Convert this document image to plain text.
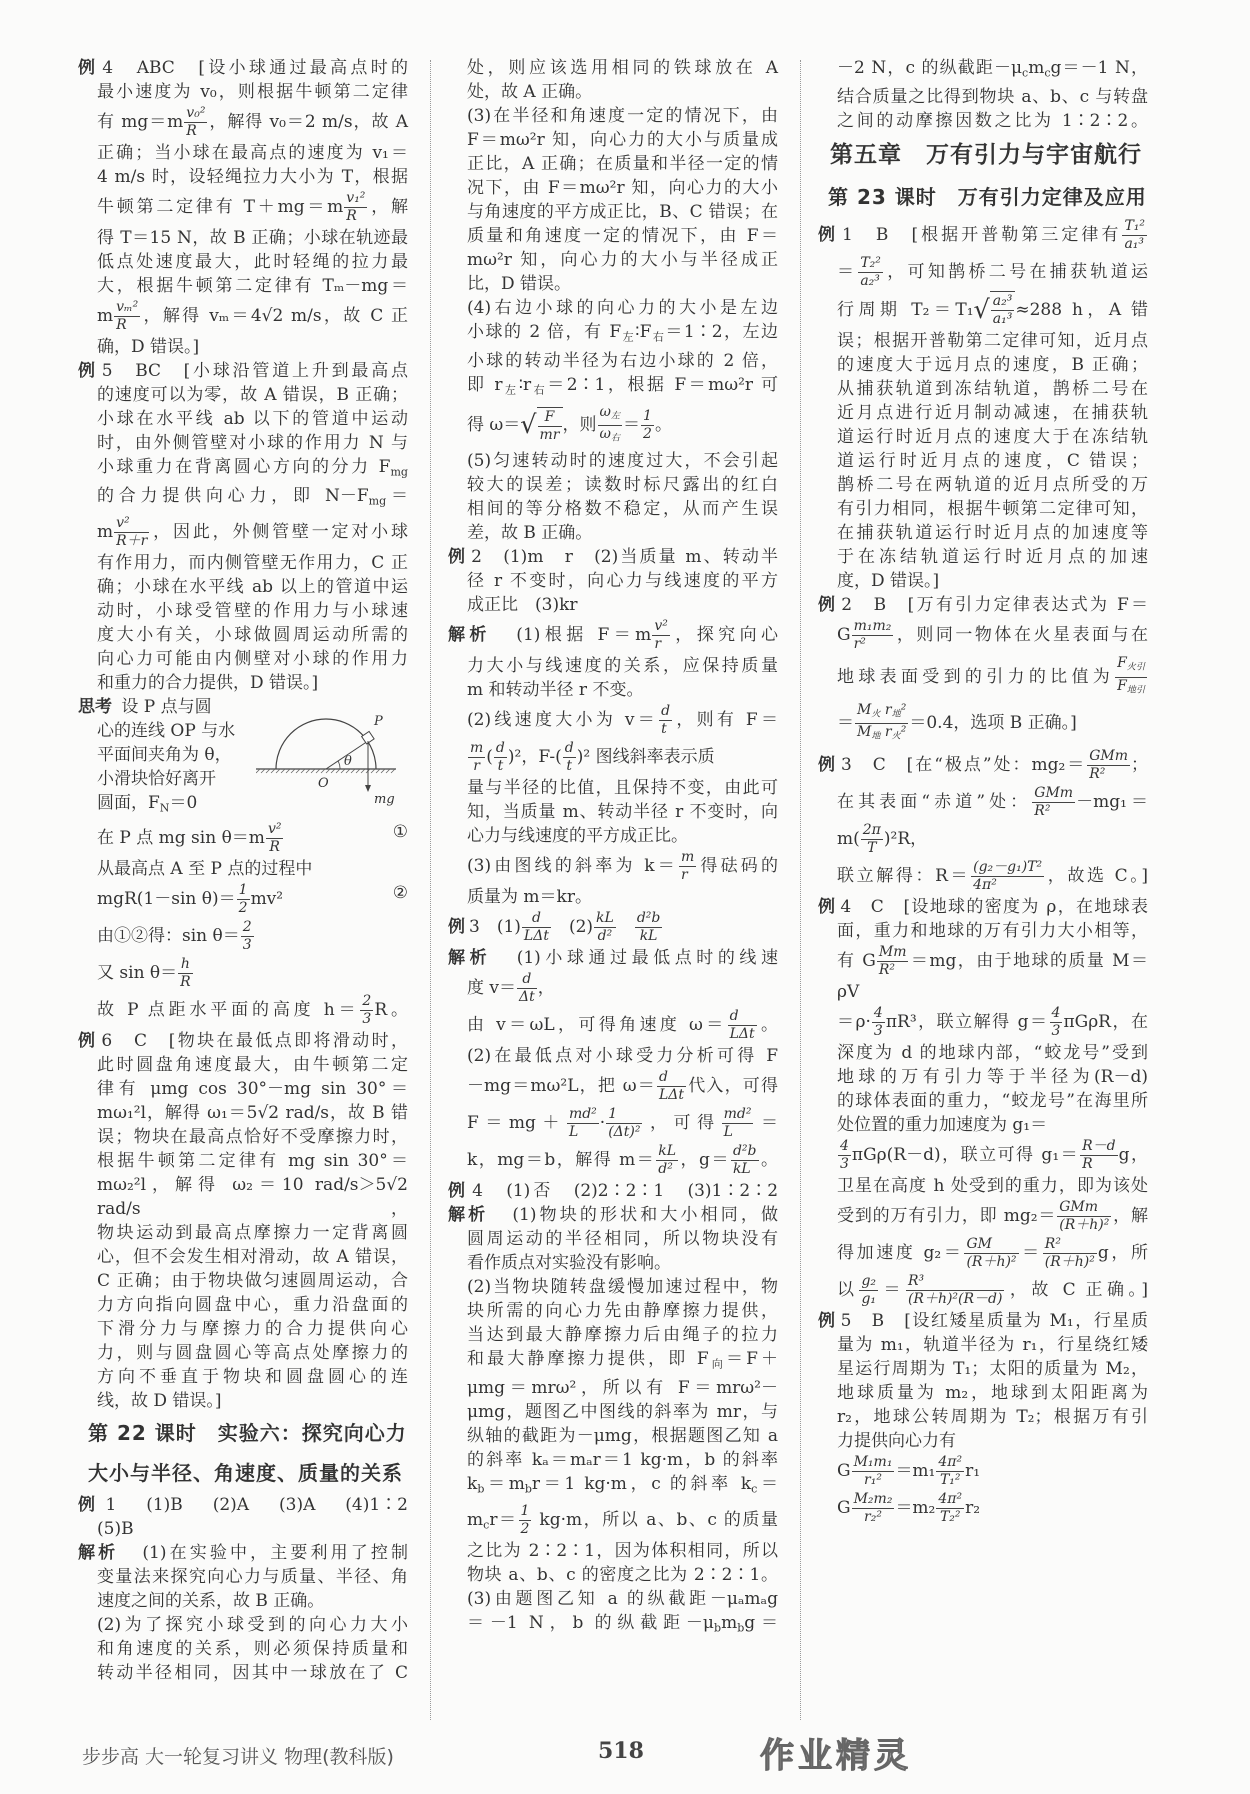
例 4　ABC　[设小球通过最高点时的
最小速度为 v₀，则根据牛顿第二定律
有 $mg=m \frac{\text{v₀²}}{R}$ ，解得 v₀＝2 m/s，故 A
正确；当小球在最高点的速度为 v₁＝
4 m/s 时，设轻绳拉力大小为 T，根据
牛顿第二定律有 $T+mg=m \frac{\text{v₁²}}{R}$ ，解
得 T＝15 N，故 B 正确；小球在轨迹最
低点处速度最大，此时轻绳的拉力最
大，根据牛顿第二定律有 Tₘ－mg＝
m $\frac{\text{vₘ²}}{R}$ ，解得 vₘ＝4√2 m/s，故 C 正
确，D 错误。]
例 5　BC　[小球沿管道上升到最高点
的速度可以为零，故 A 错误，B 正确；
小球在水平线 ab 以下的管道中运动
时，由外侧管壁对小球的作用力 N 与
小球重力在背离圆心方向的分力 $F_{mg}$
的合力提供向心力，即 $N-F_{mg}=$
m $\frac{\text{v²}}{R+r}$ ，因此，外侧管壁一定对小球
有作用力，而内侧管壁无作用力，C 正
确；小球在水平线 ab 以上的管道中运
动时，小球受管壁的作用力与小球速
度大小有关，小球做圆周运动所需的
向心力可能由内侧壁对小球的作用力
和重力的合力提供，D 错误。]
思考 设 P 点与圆
心的连线 OP 与水
平面间夹角为 θ，
小滑块恰好离开
圆面，$F_N=0$
P
O
θ
mg
在 P 点 mg $\sin \theta=m \frac{\text{v²}}{R}$	①
从最高点 A 至 P 点的过程中
mgR(1－sin $\theta)= \frac{1}{2} mv^2$	②
由①②得：$\sin \theta= \frac{2}{3}$
又 $\sin \theta= \frac{h}{R}$
故 P 点距水平面的高度 $h= \frac{2}{3}$ R。
例 6　C　[物块在最低点即将滑动时，
此时圆盘角速度最大，由牛顿第二定
律有 μmg cos 30°－mg sin 30°＝
mω₁²l，解得 ω₁＝5√2 rad/s，故 B 错
误；物块在最高点恰好不受摩擦力时，
根据牛顿第二定律有 mg sin 30°＝
mω₂²l，解得 ω₂＝10 rad/s＞5√2 rad/s，
物块运动到最高点摩擦力一定背离圆
心，但不会发生相对滑动，故 A 错误，
C 正确；由于物块做匀速圆周运动，合
力方向指向圆盘中心，重力沿盘面的
下滑分力与摩擦力的合力提供向心
力，则与圆盘圆心等高点处摩擦力的
方向不垂直于物块和圆盘圆心的连
线，故 D 错误。]
第 22 课时　实验六：探究向心力
大小与半径、角速度、质量的关系
例 1　(1)B　(2)A　(3)A　(4)1∶2
(5)B
解析　(1)在实验中，主要利用了控制
变量法来探究向心力与质量、半径、角
速度之间的关系，故 B 正确。
(2)为了探究小球受到的向心力大小
和角速度的关系，则必须保持质量和
转动半径相同，因其中一球放在了 C
处，则应该选用相同的铁球放在 A
处，故 A 正确。
(3)在半径和角速度一定的情况下，由
F＝mω²r 知，向心力的大小与质量成
正比，A 正确；在质量和半径一定的情
况下，由 F＝mω²r 知，向心力的大小
与角速度的平方成正比，B、C 错误；在
质量和角速度一定的情况下，由 F＝
mω²r 知，向心力的大小与半径成正
比，D 错误。
(4)右边小球的向心力的大小是左边
小球的 2 倍，有 $F_左∶F_右=1∶2$，左边
小球的转动半径为右边小球的 2 倍，
即 $r_左∶r_右=2∶1$，根据 F＝mω²r 可
得 ω＝ √ $\frac{F}{mr}$ ，则 $\frac{\omega_左}{\omega_右} = \frac{1}{2}$ 。
(5)匀速转动时的速度过大，不会引起
较大的误差；读数时标尺露出的红白
相间的等分格数不稳定，从而产生误
差，故 B 正确。
例 2　(1)m　r　(2)当质量 m、转动半
径 r 不变时，向心力与线速度的平方
成正比　(3)kr
解析　(1)根据 $F=m \frac{\text{v²}}{r}$ ，探究向心
力大小与线速度的关系，应保持质量
m 和转动半径 r 不变。
(2)线速度大小为 $v= \frac{d}{t}$ ，则有 F＝
$\frac{m}{r}$ ( $\frac{d}{t} )^2$，$F-( \frac{d}{t} )^2$ 图线斜率表示质
量与半径的比值，且保持不变，由此可
知，当质量 m、转动半径 r 不变时，向
心力与线速度的平方成正比。
(3)由图线的斜率为 $k= \frac{m}{r}$ 得砝码的
质量为 m＝kr。
例 3　$(1) \frac{d}{\text{LΔt}}$ 　$(2) \frac{kL}{\text{d²}}$
　 $\frac{\text{d²b}}{kL}$
解析　(1)小球通过最低点时的线速
度 $v= \frac{d}{\Delta t}$ ，
由 v＝ωL，可得角速度 $\omega= \frac{d}{\text{LΔt}}$ 。
(2)在最低点对小球受力分析可得 F
－mg＝mω²L，把 $\omega= \frac{d}{\text{LΔt}}$ 代入，可得
$F=mg+ \frac{\text{md²}}{L} \cdot \frac{1}{\text{(Δt)²}}$ ，可得 $\frac{\text{md²}}{L}$ ＝
k，mg＝b，解得 $m= \frac{kL}{\text{d²}}$ ，$g= \frac{\text{d²b}}{kL}$ 。
例 4　(1)否　(2)2∶2∶1　(3)1∶2∶2
解析　(1)物块的形状和大小相同，做
圆周运动的半径相同，所以物块没有
看作质点对实验没有影响。
(2)当物块随转盘缓慢加速过程中，物
块所需的向心力先由静摩擦力提供，
当达到最大静摩擦力后由绳子的拉力
和最大静摩擦力提供，即 $F_向=F+$
μmg＝mrω²，所以有 F＝mrω²－
μmg，题图乙中图线的斜率为 mr，与
纵轴的截距为－μmg，根据题图乙知 a
的斜率 kₐ＝mₐr＝1 kg·m，b 的斜率
$k_b=m_br=1$ kg·m，c 的斜率 $k_c=$
$m_cr= \frac{1}{2} kg\cdot m$，所以 a、b、c 的质量
之比为 2∶2∶1，因为体积相同，所以
物块 a、b、c 的密度之比为 2∶2∶1。
(3)由题图乙知 a 的纵截距－μₐmₐg
＝－1 N，b 的纵截距$-\mu_bm_bg=$
－2 N，c 的纵截距$-\mu_cm_cg=-1$ N，
结合质量之比得到物块 a、b、c 与转盘
之间的动摩擦因数之比为 1∶2∶2。
第五章　万有引力与宇宙航行
第 23 课时　万有引力定律及应用
例 1　B　[根据开普勒第三定律有 $\frac{\text{T₁²}}{\text{a₁³}}$
＝ $\frac{\text{T₂²}}{\text{a₂³}}$ ，可知鹊桥二号在捕获轨道运
行周期 T₂＝T₁ √ $\frac{\text{a₂³}}{\text{a₁³}} \approx 288$ h，A 错
误；根据开普勒第二定律可知，近月点
的速度大于远月点的速度，B 正确；
从捕获轨道到冻结轨道，鹊桥二号在
近月点进行近月制动减速，在捕获轨
道运行时近月点的速度大于在冻结轨
道运行时近月点的速度，C 错误；
鹊桥二号在两轨道的近月点所受的万
有引力相同，根据牛顿第二定律可知，
在捕获轨道运行时近月点的加速度等
于在冻结轨道运行时近月点的加速
度，D 错误。]
例 2　B　[万有引力定律表达式为 F＝
G $\frac{\text{m₁m₂}}{\text{r²}}$ ，则同一物体在火星表面与在
地球表面受到的引力的比值为 $\frac{F_{火引}}{F_{地引}}$
＝ $\frac{M_火 r_地^2}{M_地 r_火^2} =0.4$，选项 B 正确。]
例 3　C　[在“极点”处：$mg_2= \frac{\text{GMm}}{\text{R²}}$ ；
在其表面“赤道”处： $\frac{\text{GMm}}{\text{R²}} -mg_1=$
$m( \frac{2\pi}{T} )^2R$，
联立解得：$R= \frac{\text{(g₂－g₁)T²}}{\text{4π²}}$ ，故选 C。]
例 4　C　[设地球的密度为 ρ，在地球表
面，重力和地球的万有引力大小相等，
有 G $\frac{Mm}{\text{R²}} =mg$，由于地球的质量 M＝ρV
$=\rho\cdot \frac{4}{3} \pi R^3$，联立解得 $g= \frac{4}{3}$ πGρR，在
深度为 d 的地球内部，“蛟龙号”受到
地球的万有引力等于半径为(R－d)
的球体表面的重力，“蛟龙号”在海里所
处位置的重力加速度为 g₁＝
$\frac{4}{3} \pi G\rho(R-d)$，联立可得 $g_1= \frac{R-d}{R}$ g，
卫星在高度 h 处受到的重力，即为该处
受到的万有引力，即 $mg_2= \frac{\text{GMm}}{\text{(R＋h)²}}$ ，解
得加速度 $g_2= \frac{GM}{\text{(R＋h)²}} = \frac{\text{R²}}{\text{(R＋h)²}}$ g，所
以 $\frac{\text{g₂}}{\text{g₁}} = \frac{\text{R³}}{\text{(R＋h)²(R－d)}}$ ，故 C 正确。]
例 5　B　[设红矮星质量为 M₁，行星质
量为 m₁，轨道半径为 r₁，行星绕红矮
星运行周期为 T₁；太阳的质量为 M₂，
地球质量为 m₂，地球到太阳距离为
r₂，地球公转周期为 T₂；根据万有引
力提供向心力有
G $\frac{\text{M₁m₁}}{\text{r₁²}} =m_1 \frac{\text{4π²}}{\text{T₁²}} r_1$
G $\frac{\text{M₂m₂}}{\text{r₂²}} =m_2 \frac{\text{4π²}}{\text{T₂²}} r_2$
步步高 大一轮复习讲义 物理(教科版)	518	作业精灵
